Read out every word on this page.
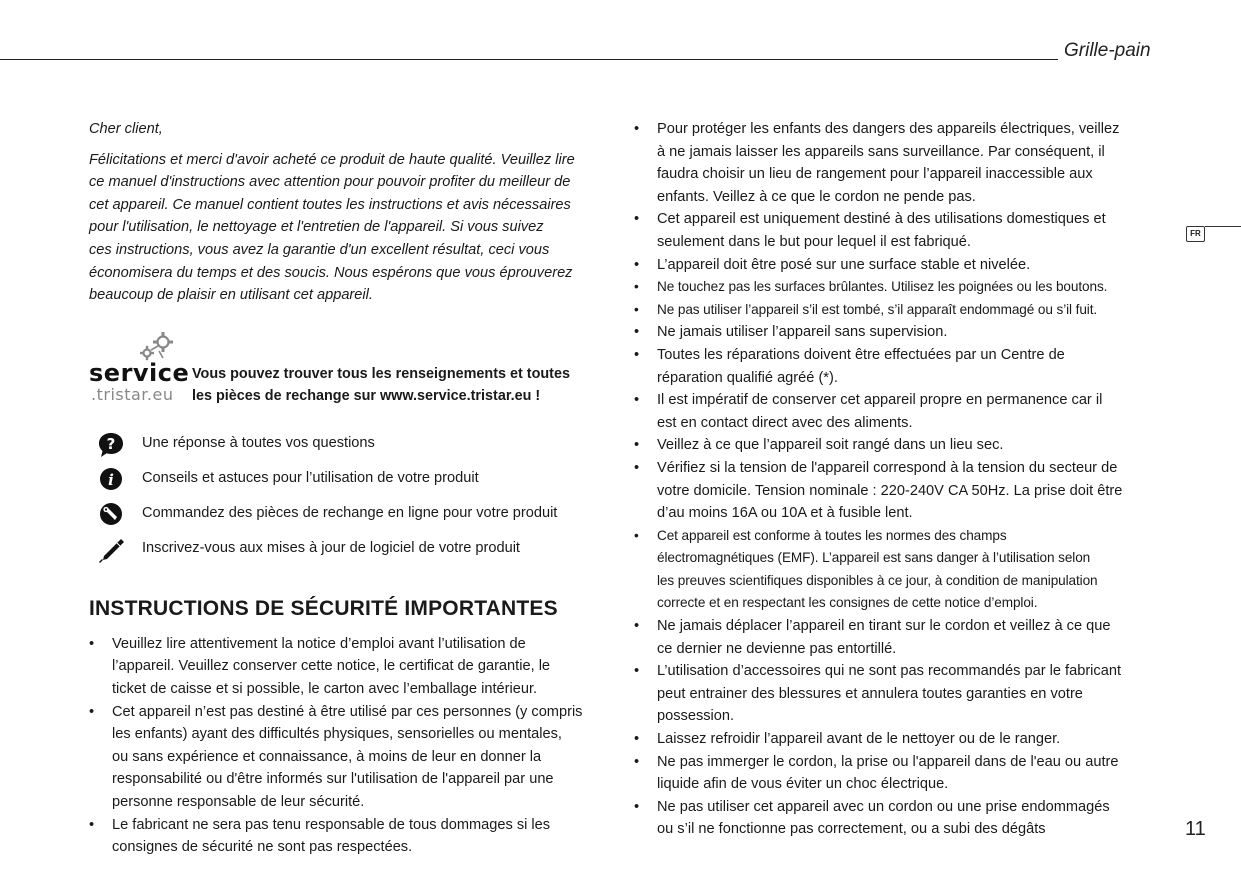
Grille-pain
FR
11

Cher client,

Félicitations et merci d'avoir acheté ce produit de haute qualité. Veuillez lire
ce manuel d'instructions avec attention pour pouvoir profiter du meilleur de
cet appareil. Ce manuel contient toutes les instructions et avis nécessaires
pour l'utilisation, le nettoyage et l'entretien de l'appareil. Si vous suivez
ces instructions, vous avez la garantie d'un excellent résultat, ceci vous
économisera du temps et des soucis. Nous espérons que vous éprouverez
beaucoup de plaisir en utilisant cet appareil.

service
.tristar.eu
Vous pouvez trouver tous les renseignements et toutes
les pièces de rechange sur www.service.tristar.eu !
? Une réponse à toutes vos questions
i Conseils et astuces pour l’utilisation de votre produit
Commandez des pièces de rechange en ligne pour votre produit
Inscrivez-vous aux mises à jour de logiciel de votre produit
INSTRUCTIONS DE SÉCURITÉ IMPORTANTES
• Veuillez lire attentivement la notice d’emploi avant l’utilisation de
l’appareil. Veuillez conserver cette notice, le certificat de garantie, le
ticket de caisse et si possible, le carton avec l’emballage intérieur.
• Cet appareil n’est pas destiné à être utilisé par ces personnes (y compris
les enfants) ayant des difficultés physiques, sensorielles ou mentales,
ou sans expérience et connaissance, à moins de leur en donner la
responsabilité ou d'être informés sur l'utilisation de l'appareil par une
personne responsable de leur sécurité.
• Le fabricant ne sera pas tenu responsable de tous dommages si les
consignes de sécurité ne sont pas respectées.
• Pour protéger les enfants des dangers des appareils électriques, veillez
à ne jamais laisser les appareils sans surveillance. Par conséquent, il
faudra choisir un lieu de rangement pour l’appareil inaccessible aux
enfants. Veillez à ce que le cordon ne pende pas.
• Cet appareil est uniquement destiné à des utilisations domestiques et
seulement dans le but pour lequel il est fabriqué.
• L’appareil doit être posé sur une surface stable et nivelée.
• Ne touchez pas les surfaces brûlantes. Utilisez les poignées ou les boutons.
• Ne pas utiliser l’appareil s’il est tombé, s’il apparaît endommagé ou s’il fuit.
• Ne jamais utiliser l’appareil sans supervision.
• Toutes les réparations doivent être effectuées par un Centre de
réparation qualifié agréé (*).
• Il est impératif de conserver cet appareil propre en permanence car il
est en contact direct avec des aliments.
• Veillez à ce que l’appareil soit rangé dans un lieu sec.
• Vérifiez si la tension de l'appareil correspond à la tension du secteur de
votre domicile. Tension nominale : 220-240V CA 50Hz. La prise doit être
d’au moins 16A ou 10A et à fusible lent.
• Cet appareil est conforme à toutes les normes des champs
électromagnétiques (EMF). L’appareil est sans danger à l’utilisation selon
les preuves scientifiques disponibles à ce jour, à condition de manipulation
correcte et en respectant les consignes de cette notice d’emploi.
• Ne jamais déplacer l’appareil en tirant sur le cordon et veillez à ce que
ce dernier ne devienne pas entortillé.
• L’utilisation d’accessoires qui ne sont pas recommandés par le fabricant
peut entrainer des blessures et annulera toutes garanties en votre
possession.
• Laissez refroidir l’appareil avant de le nettoyer ou de le ranger.
• Ne pas immerger le cordon, la prise ou l'appareil dans de l'eau ou autre
liquide afin de vous éviter un choc électrique.
• Ne pas utiliser cet appareil avec un cordon ou une prise endommagés
ou s’il ne fonctionne pas correctement, ou a subi des dégâts
